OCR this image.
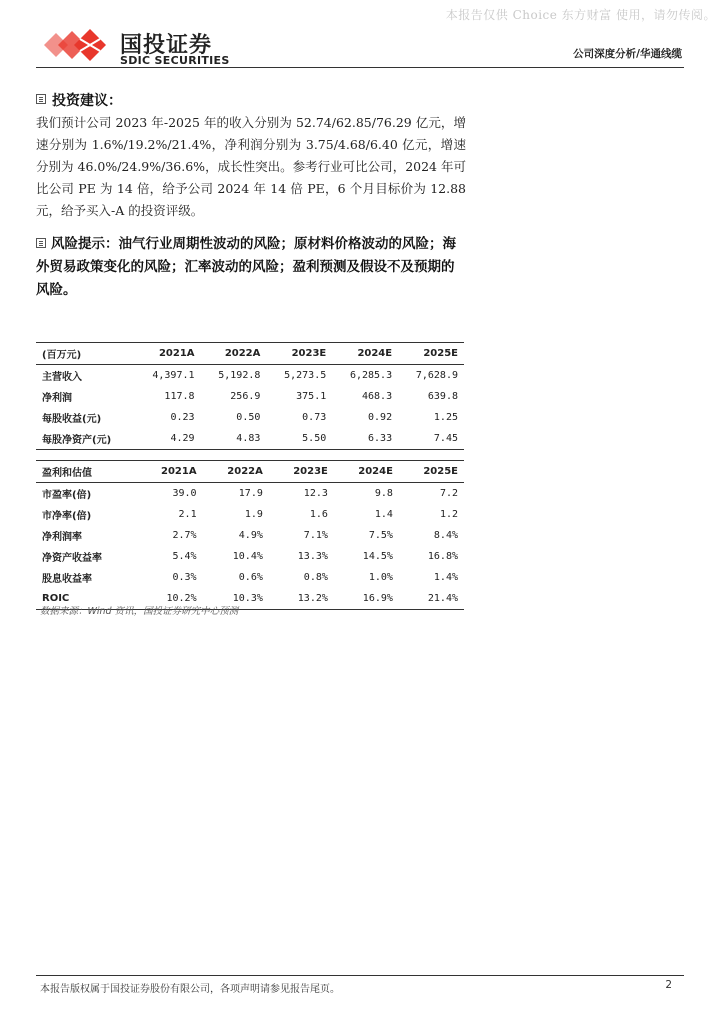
本报告仅供 Choice 东方财富 使用，请勿传阅。
国投证券
SDIC SECURITIES	公司深度分析/华通线缆
投资建议：
我们预计公司 2023 年-2025 年的收入分别为 52.74/62.85/76.29 亿元，增速分别为 1.6%/19.2%/21.4%，净利润分别为 3.75/4.68/6.40 亿元，增速分别为 46.0%/24.9%/36.6%，成长性突出。参考行业可比公司，2024 年可比公司 PE 为 14 倍，给予公司 2024 年 14 倍 PE，6 个月目标价为 12.88 元，给予买入-A 的投资评级。
风险提示：油气行业周期性波动的风险；原材料价格波动的风险；海外贸易政策变化的风险；汇率波动的风险；盈利预测及假设不及预期的风险。
(百万元)	2021A	2022A	2023E	2024E	2025E
主营收入	4,397.1	5,192.8	5,273.5	6,285.3	7,628.9
净利润	117.8	256.9	375.1	468.3	639.8
每股收益(元)	0.23	0.50	0.73	0.92	1.25
每股净资产(元)	4.29	4.83	5.50	6.33	7.45
盈利和估值	2021A	2022A	2023E	2024E	2025E
市盈率(倍)	39.0	17.9	12.3	9.8	7.2
市净率(倍)	2.1	1.9	1.6	1.4	1.2
净利润率	2.7%	4.9%	7.1%	7.5%	8.4%
净资产收益率	5.4%	10.4%	13.3%	14.5%	16.8%
股息收益率	0.3%	0.6%	0.8%	1.0%	1.4%
ROIC	10.2%	10.3%	13.2%	16.9%	21.4%
数据来源：Wind 资讯，国投证券研究中心预测
本报告版权属于国投证券股份有限公司，各项声明请参见报告尾页。	2
